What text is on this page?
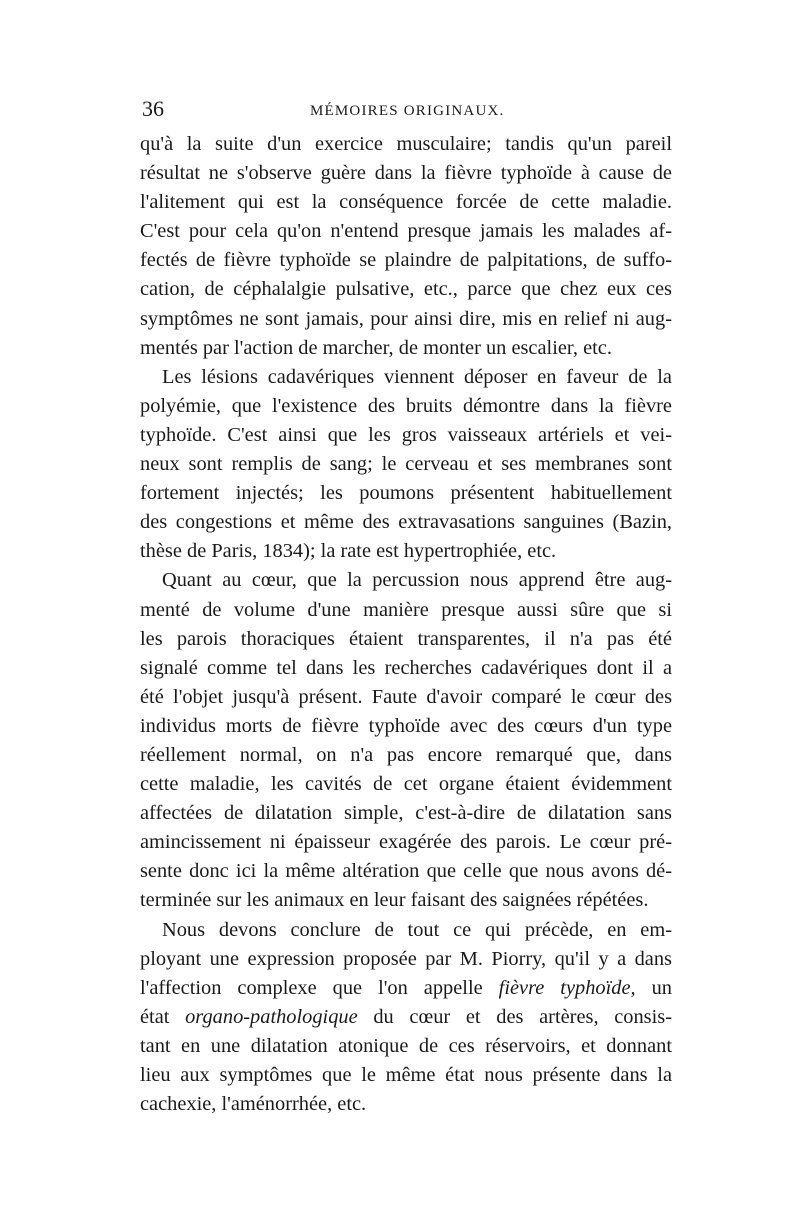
36	MÉMOIRES ORIGINAUX.
qu'à la suite d'un exercice musculaire; tandis qu'un pareil
résultat ne s'observe guère dans la fièvre typhoïde à cause de
l'alitement qui est la conséquence forcée de cette maladie.
C'est pour cela qu'on n'entend presque jamais les malades af-
fectés de fièvre typhoïde se plaindre de palpitations, de suffo-
cation, de céphalalgie pulsative, etc., parce que chez eux ces
symptômes ne sont jamais, pour ainsi dire, mis en relief ni aug-
mentés par l'action de marcher, de monter un escalier, etc.
Les lésions cadavériques viennent déposer en faveur de la
polyémie, que l'existence des bruits démontre dans la fièvre
typhoïde. C'est ainsi que les gros vaisseaux artériels et vei-
neux sont remplis de sang; le cerveau et ses membranes sont
fortement injectés; les poumons présentent habituellement
des congestions et même des extravasations sanguines (Bazin,
thèse de Paris, 1834); la rate est hypertrophiée, etc.
Quant au cœur, que la percussion nous apprend être aug-
menté de volume d'une manière presque aussi sûre que si
les parois thoraciques étaient transparentes, il n'a pas été
signalé comme tel dans les recherches cadavériques dont il a
été l'objet jusqu'à présent. Faute d'avoir comparé le cœur des
individus morts de fièvre typhoïde avec des cœurs d'un type
réellement normal, on n'a pas encore remarqué que, dans
cette maladie, les cavités de cet organe étaient évidemment
affectées de dilatation simple, c'est-à-dire de dilatation sans
amincissement ni épaisseur exagérée des parois. Le cœur pré-
sente donc ici la même altération que celle que nous avons dé-
terminée sur les animaux en leur faisant des saignées répétées.
Nous devons conclure de tout ce qui précède, en em-
ployant une expression proposée par M. Piorry, qu'il y a dans
l'affection complexe que l'on appelle fièvre typhoïde, un
état organo-pathologique du cœur et des artères, consis-
tant en une dilatation atonique de ces réservoirs, et donnant
lieu aux symptômes que le même état nous présente dans la
cachexie, l'aménorrhée, etc.
